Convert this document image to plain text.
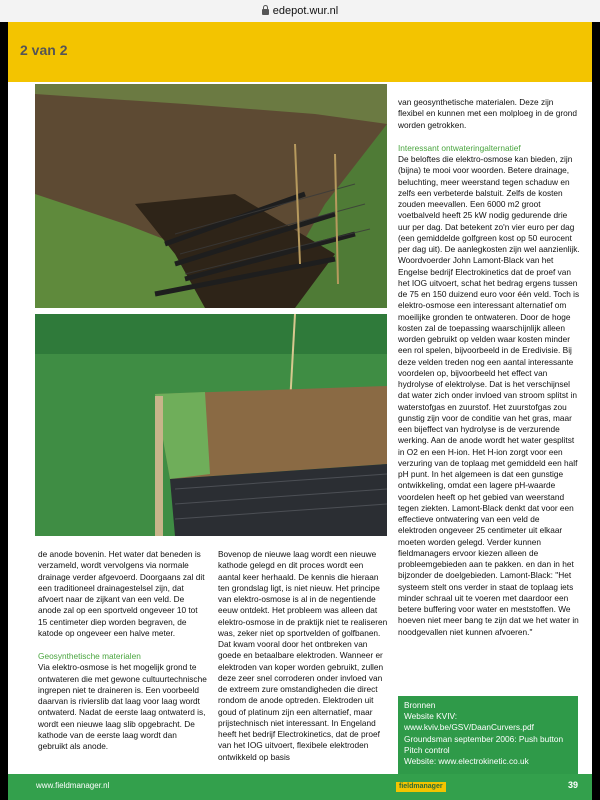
edepot.wur.nl
2 van 2

van geosynthetische materialen. Deze zijn flexibel en kunnen met een molploeg in de grond worden getrokken.

Interessant ontwateringalternatief

De beloftes die elektro-osmose kan bieden, zijn (bijna) te mooi voor woorden. Betere drainage, beluchting, meer weerstand tegen schaduw en zelfs een verbeterde balstuit. Zelfs de kosten zouden meevallen. Een 6000 m2 groot voetbalveld heeft 25 kW nodig gedurende drie uur per dag. Dat betekent zo'n vier euro per dag (een gemiddelde golfgreen kost op 50 eurocent per dag uit). De aanlegkosten zijn wel aanzienlijk. Woordvoerder John Lamont-Black van het Engelse bedrijf Electrokinetics dat de proef van het IOG uitvoert, schat het bedrag ergens tussen de 75 en 150 duizend euro voor één veld. Toch is elektro-osmose een interessant alternatief om moeilijke gronden te ontwateren. Door de hoge kosten zal de toepassing waarschijnlijk alleen worden gebruikt op velden waar kosten minder een rol spelen, bijvoorbeeld in de Eredivisie. Bij deze velden treden nog een aantal interessante voordelen op, bijvoorbeeld het effect van hydrolyse of elektrolyse. Dat is het verschijnsel dat water zich onder invloed van stroom splitst in waterstofgas en zuurstof. Het zuurstofgas zou gunstig zijn voor de conditie van het gras, maar een bijeffect van hydrolyse is de verzurende werking. Aan de anode wordt het water gesplitst in O2 en een H-ion. Het H-ion zorgt voor een verzuring van de toplaag met gemiddeld een half pH punt. In het algemeen is dat een gunstige ontwikkeling, omdat een lagere pH-waarde voordelen heeft op het gebied van weerstand tegen ziekten. Lamont-Black denkt dat voor een effectieve ontwatering van een veld de elektroden ongeveer 25 centimeter uit elkaar moeten worden gelegd. Verder kunnen fieldmanagers ervoor kiezen alleen de probleemgebieden aan te pakken. en dan in het bijzonder de doelgebieden. Lamont-Black: "Het systeem stelt ons verder in staat de toplaag iets minder schraal uit te voeren met daardoor een betere buffering voor water en meststoffen. We hoeven niet meer bang te zijn dat we het water in noodgevallen niet kunnen afvoeren."

de anode bovenin. Het water dat beneden is verzameld, wordt vervolgens via normale drainage verder afgevoerd. Doorgaans zal dit een traditioneel drainagestelsel zijn, dat afvoert naar de zijkant van een veld. De anode zal op een sportveld ongeveer 10 tot 15 centimeter diep worden begraven, de katode op ongeveer een halve meter.

Geosynthetische materialen

Via elektro-osmose is het mogelijk grond te ontwateren die met gewone cultuurtechnische ingrepen niet te draineren is. Een voorbeeld daarvan is rivierslib dat laag voor laag wordt ontwaterd. Nadat de eerste laag ontwaterd is, wordt een nieuwe laag slib opgebracht. De kathode van de eerste laag wordt dan gebruikt als anode.

Bovenop de nieuwe laag wordt een nieuwe kathode gelegd en dit proces wordt een aantal keer herhaald. De kennis die hieraan ten grondslag ligt, is niet nieuw. Het principe van elektro-osmose is al in de negentiende eeuw ontdekt. Het probleem was alleen dat elektro-osmose in de praktijk niet te realiseren was, zeker niet op sportvelden of golfbanen. Dat kwam vooral door het ontbreken van goede en betaalbare elektroden. Wanneer er elektroden van koper worden gebruikt, zullen deze zeer snel corroderen onder invloed van de extreem zure omstandigheden die direct rondom de anode optreden. Elektroden uit goud of platinum zijn een alternatief, maar prijstechnisch niet interessant. In Engeland heeft het bedrijf Electrokinetics, dat de proef van het IOG uitvoert, flexibele elektroden ontwikkeld op basis

Bronnen

Website KVIV:

www.kviv.be/GSV/DaanCurvers.pdf

Groundsman september 2006: Push button Pitch control

Website: www.electrokinetic.co.uk

www.fieldmanager.nl	fieldmanager	39
